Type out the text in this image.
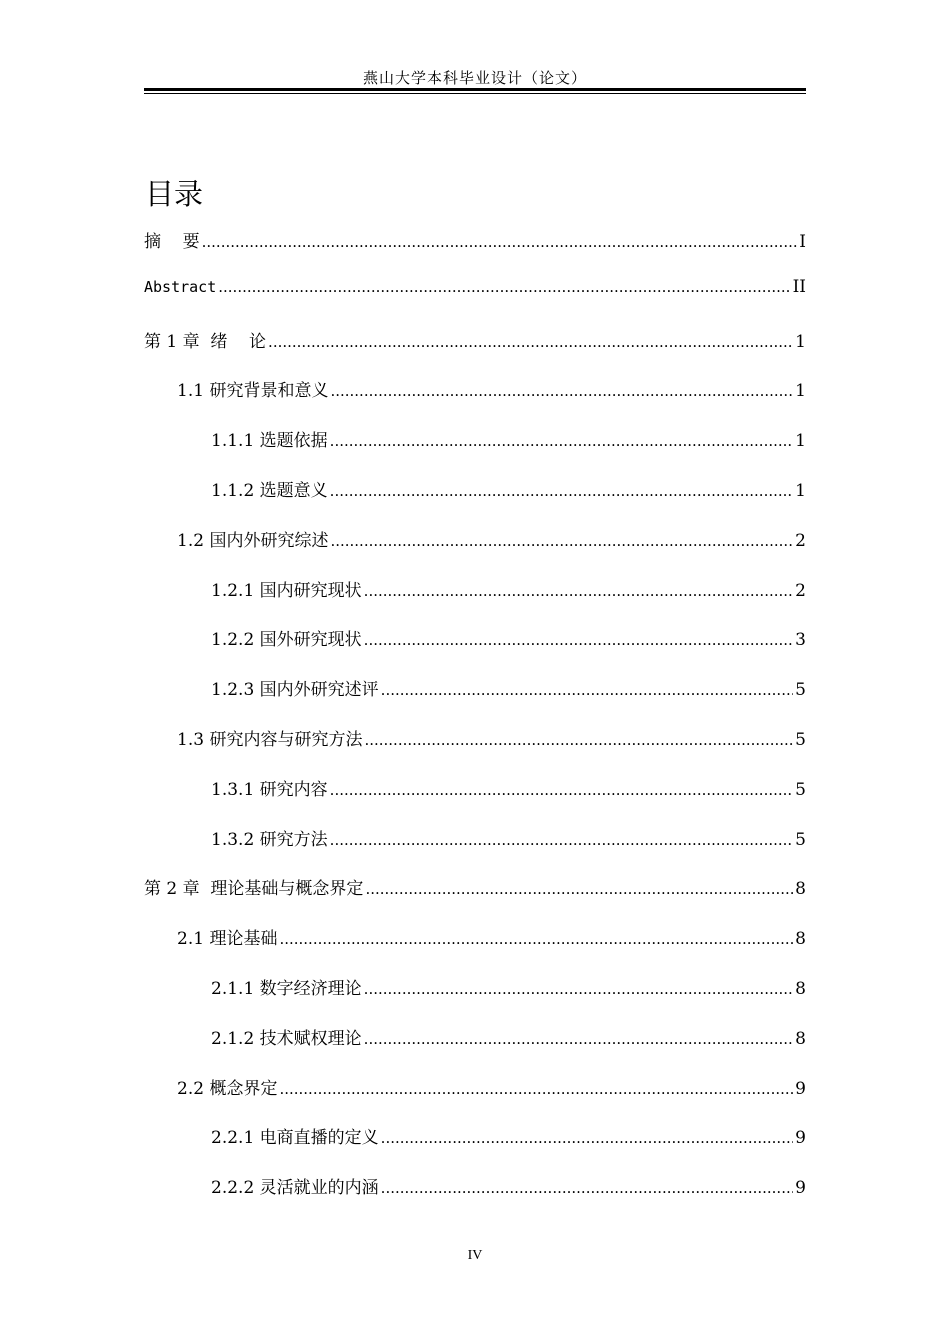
燕山大学本科毕业设计（论文）
目录
摘    要 .....	I
Abstract .....	II
第 1 章  绪    论 .....	1
1.1 研究背景和意义 .....	1
1.1.1 选题依据 .....	1
1.1.2 选题意义 .....	1
1.2 国内外研究综述 .....	2
1.2.1 国内研究现状 .....	2
1.2.2 国外研究现状 .....	3
1.2.3 国内外研究述评 .....	5
1.3 研究内容与研究方法 .....	5
1.3.1 研究内容 .....	5
1.3.2 研究方法 .....	5
第 2 章  理论基础与概念界定 .....	8
2.1 理论基础 .....	8
2.1.1 数字经济理论 .....	8
2.1.2 技术赋权理论 .....	8
2.2 概念界定 .....	9
2.2.1 电商直播的定义 .....	9
2.2.2 灵活就业的内涵 .....	9
IV
